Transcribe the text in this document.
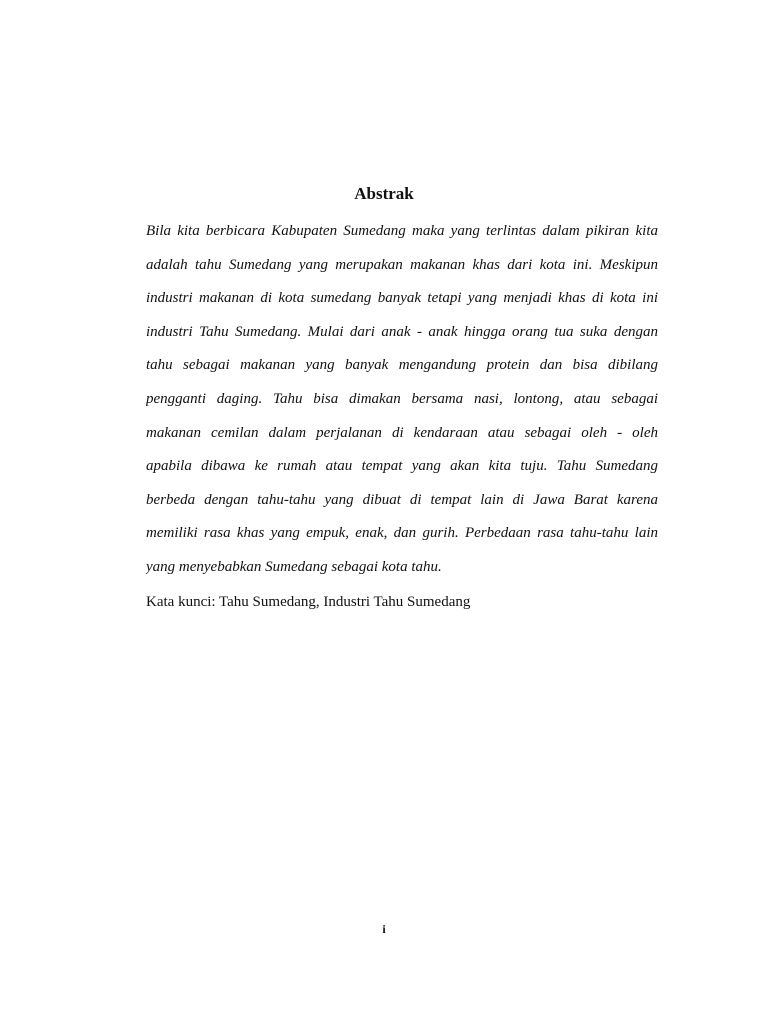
Abstrak
Bila kita berbicara Kabupaten Sumedang maka yang terlintas dalam pikiran kita
adalah tahu Sumedang yang merupakan makanan khas dari kota ini. Meskipun
industri makanan di kota sumedang banyak tetapi yang menjadi khas di kota ini
industri Tahu Sumedang. Mulai dari anak - anak hingga orang tua suka dengan
tahu sebagai makanan yang banyak mengandung protein dan bisa dibilang
pengganti daging. Tahu bisa dimakan bersama nasi, lontong, atau sebagai
makanan cemilan dalam perjalanan di kendaraan atau sebagai oleh - oleh
apabila dibawa ke rumah atau tempat yang akan kita tuju. Tahu Sumedang
berbeda dengan tahu-tahu yang dibuat di tempat lain di Jawa Barat karena
memiliki rasa khas yang empuk, enak, dan gurih. Perbedaan rasa tahu-tahu lain
yang menyebabkan Sumedang sebagai kota tahu.
Kata kunci: Tahu Sumedang, Industri Tahu Sumedang
i
